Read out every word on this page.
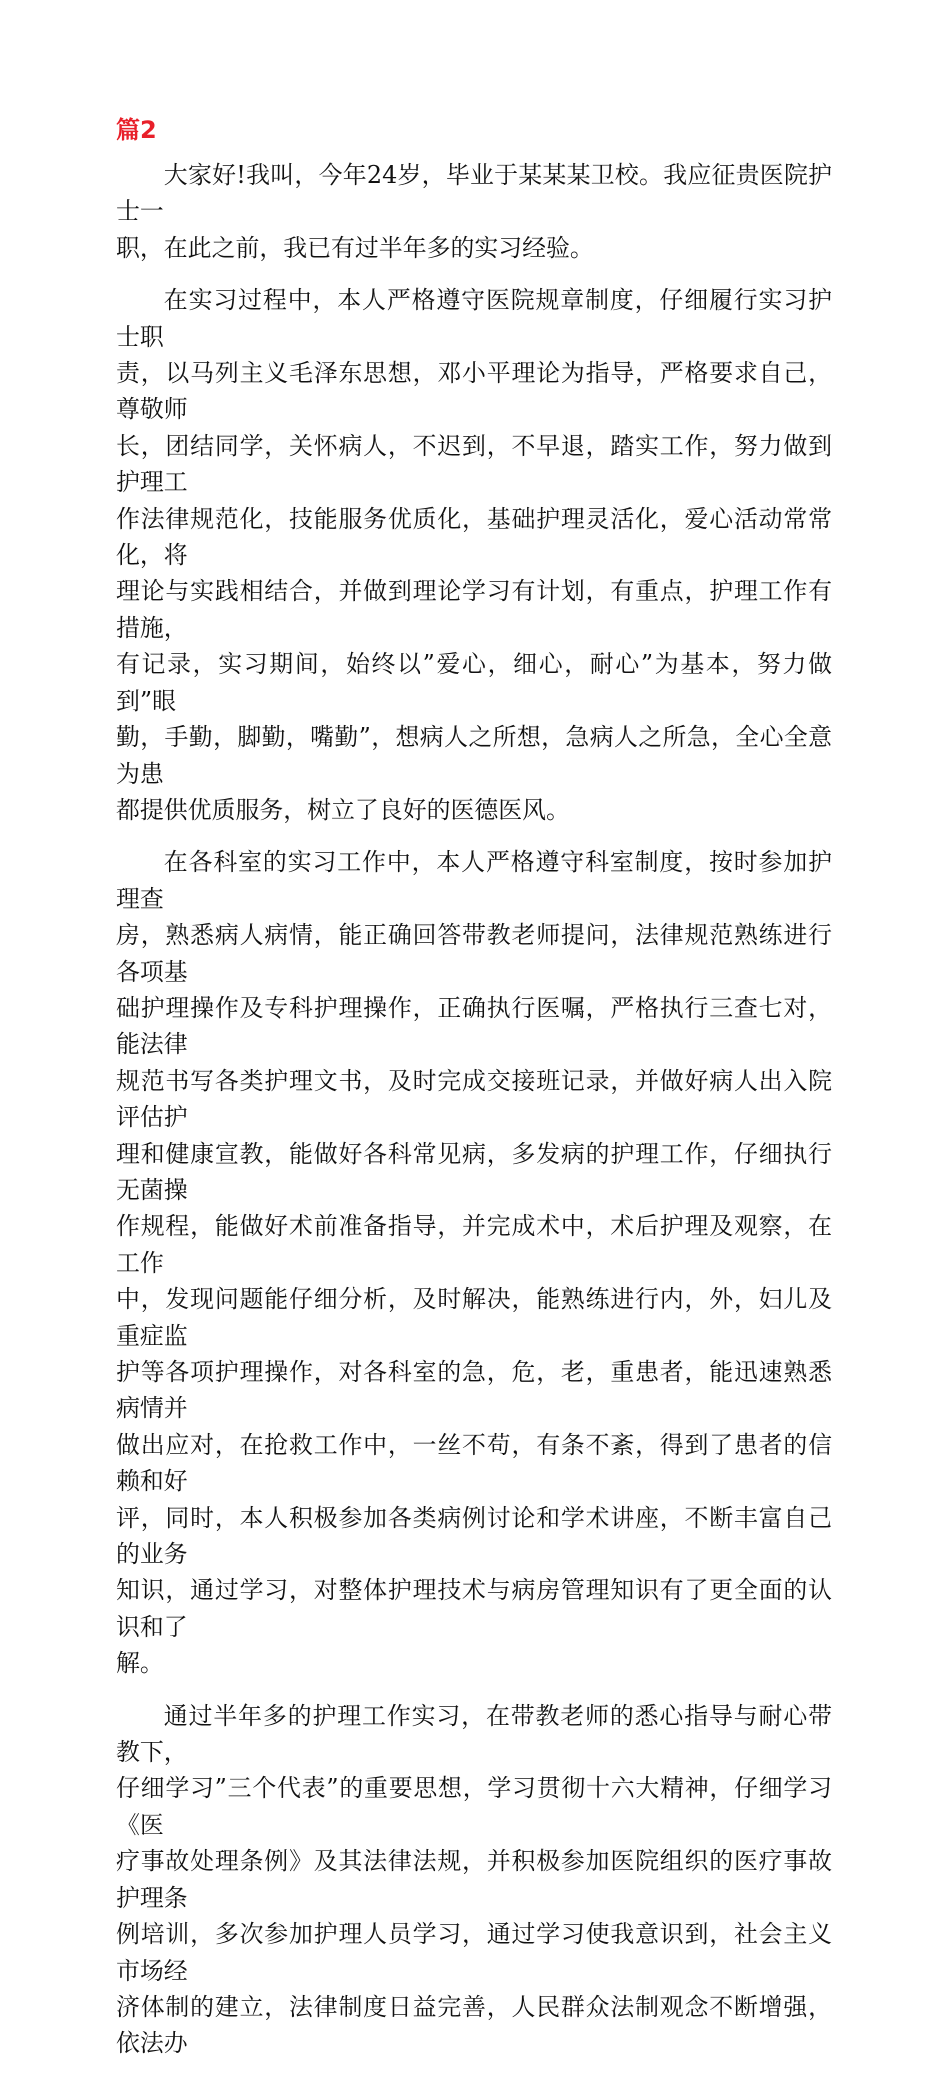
篇2

大家好!我叫，今年24岁，毕业于某某某卫校。我应征贵医院护士一
职，在此之前，我已有过半年多的实习经验。

在实习过程中，本人严格遵守医院规章制度，仔细履行实习护士职
责，以马列主义毛泽东思想，邓小平理论为指导，严格要求自己，尊敬师
长，团结同学，关怀病人，不迟到，不早退，踏实工作，努力做到护理工
作法律规范化，技能服务优质化，基础护理灵活化，爱心活动常常化，将
理论与实践相结合，并做到理论学习有计划，有重点，护理工作有措施，
有记录，实习期间，始终以”爱心，细心，耐心”为基本，努力做到”眼
勤，手勤，脚勤，嘴勤”，想病人之所想，急病人之所急，全心全意为患
都提供优质服务，树立了良好的医德医风。

在各科室的实习工作中，本人严格遵守科室制度，按时参加护理查
房，熟悉病人病情，能正确回答带教老师提问，法律规范熟练进行各项基
础护理操作及专科护理操作，正确执行医嘱，严格执行三查七对，能法律
规范书写各类护理文书，及时完成交接班记录，并做好病人出入院评估护
理和健康宣教，能做好各科常见病，多发病的护理工作，仔细执行无菌操
作规程，能做好术前准备指导，并完成术中，术后护理及观察，在工作
中，发现问题能仔细分析，及时解决，能熟练进行内，外，妇儿及重症监
护等各项护理操作，对各科室的急，危，老，重患者，能迅速熟悉病情并
做出应对，在抢救工作中，一丝不苟，有条不紊，得到了患者的信赖和好
评，同时，本人积极参加各类病例讨论和学术讲座，不断丰富自己的业务
知识，通过学习，对整体护理技术与病房管理知识有了更全面的认识和了
解。

通过半年多的护理工作实习，在带教老师的悉心指导与耐心带教下，
仔细学习”三个代表”的重要思想，学习贯彻十六大精神，仔细学习《医
疗事故处理条例》及其法律法规，并积极参加医院组织的医疗事故护理条
例培训，多次参加护理人员学习，通过学习使我意识到，社会主义市场经
济体制的建立，法律制度日益完善，人民群众法制观念不断增强，依法办
